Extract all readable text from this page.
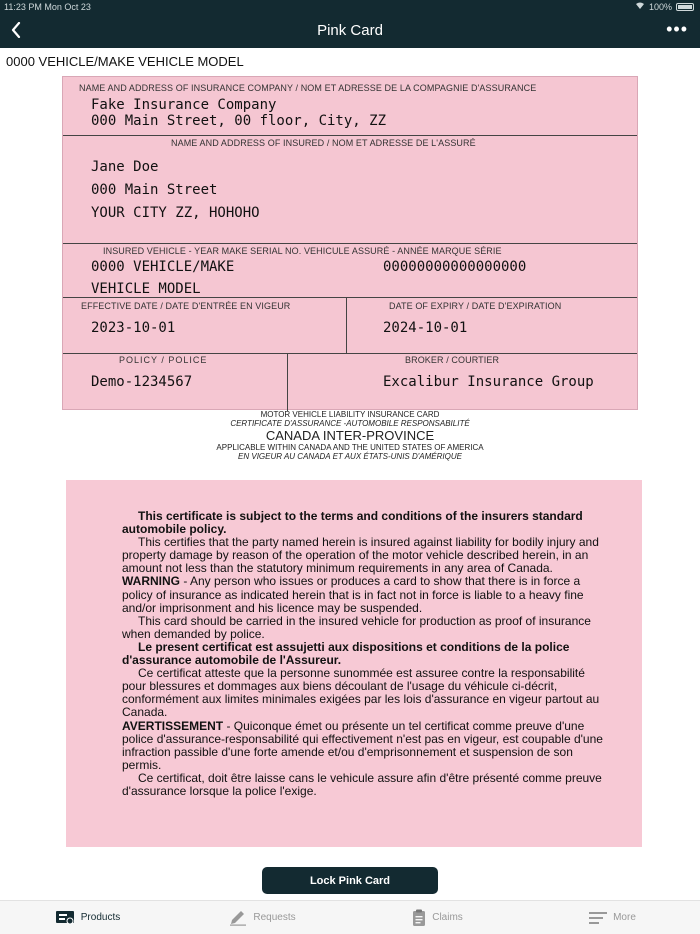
11:23 PM Mon Oct 23	100%
Pink Card	•••
0000 VEHICLE/MAKE VEHICLE MODEL
NAME AND ADDRESS OF INSURANCE COMPANY / NOM ET ADRESSE DE LA COMPAGNIE D'ASSURANCE
Fake Insurance Company
000 Main Street, 00 floor, City, ZZ
NAME AND ADDRESS OF INSURED / NOM ET ADRESSE DE L'ASSURÉ
Jane Doe
000 Main Street
YOUR CITY ZZ, HOHOHO
INSURED VEHICLE - YEAR MAKE SERIAL NO. VEHICULE ASSURÉ - ANNÉE MARQUE SÉRIE
0000 VEHICLE/MAKE	00000000000000000
VEHICLE MODEL
EFFECTIVE DATE / DATE D'ENTRÉE EN VIGEUR
2023-10-01
DATE OF EXPIRY / DATE D'EXPIRATION
2024-10-01
POLICY / POLICE
Demo-1234567
BROKER / COURTIER
Excalibur Insurance Group
MOTOR VEHICLE LIABILITY INSURANCE CARD
CERTIFICATE D'ASSURANCE -AUTOMOBILE RESPONSABILITÉ
CANADA INTER-PROVINCE
APPLICABLE WITHIN CANADA AND THE UNITED STATES OF AMERICA
EN VIGEUR AU CANADA ET AUX ÉTATS-UNIS D'AMÉRIQUE

This certificate is subject to the terms and conditions of the insurers standard automobile policy.

This certifies that the party named herein is insured against liability for bodily injury and property damage by reason of the operation of the motor vehicle described herein, in an amount not less than the statutory minimum requirements in any area of Canada.

WARNING - Any person who issues or produces a card to show that there is in force a policy of insurance as indicated herein that is in fact not in force is liable to a heavy fine and/or imprisonment and his licence may be suspended.

This card should be carried in the insured vehicle for production as proof of insurance when demanded by police.

Le present certificat est assujetti aux dispositions et conditions de la police d'assurance automobile de l'Assureur.

Ce certificat atteste que la personne sunommée est assuree contre la responsabilité pour blessures et dommages aux biens découlant de l'usage du véhicule ci-décrit, conformément aux limites minimales exigées par les lois d'assurance en vigeur partout au Canada.

AVERTISSEMENT - Quiconque émet ou présente un tel certificat comme preuve d'une police d'assurance-responsabilité qui effectivement n'est pas en vigeur, est coupable d'une infraction passible d'une forte amende et/ou d'emprisonnement et suspension de son permis.

Ce certificat, doit être laisse cans le vehicule assure afin d'être présenté comme preuve d'assurance lorsque la police l'exige.

Lock Pink Card
Products	Requests	Claims	More
